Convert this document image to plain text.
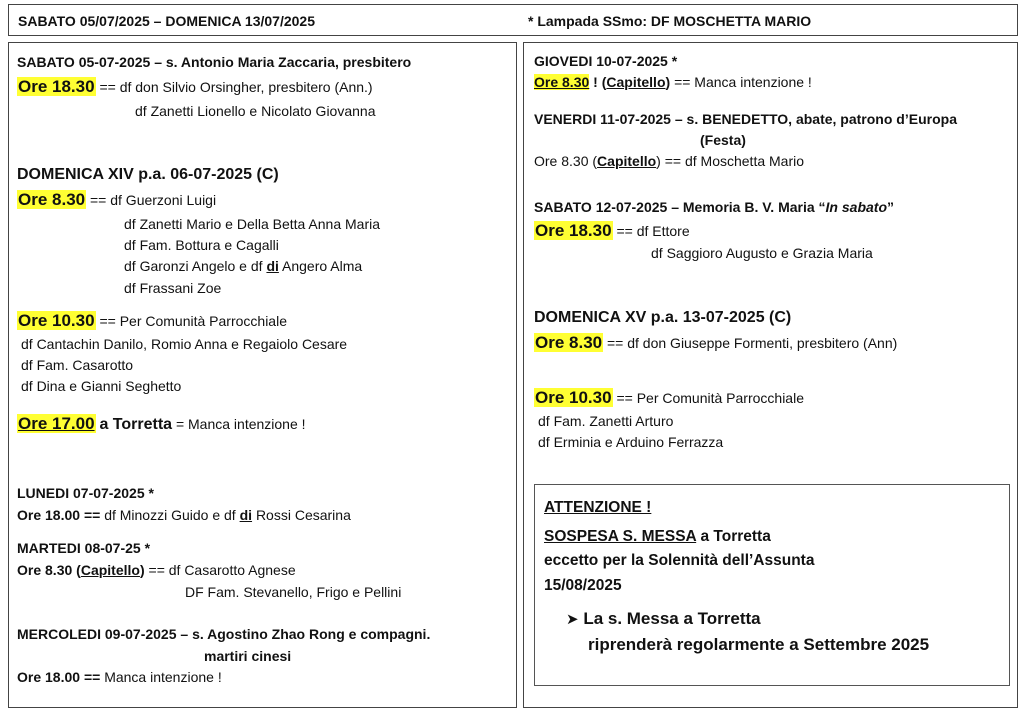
SABATO 05/07/2025 – DOMENICA 13/07/2025	* Lampada SSmo: DF MOSCHETTA MARIO
SABATO 05-07-2025 – s. Antonio Maria Zaccaria, presbitero
Ore 18.30 == df don Silvio Orsingher, presbitero (Ann.)
df Zanetti Lionello e Nicolato Giovanna
DOMENICA XIV p.a. 06-07-2025 (C)
Ore 8.30 == df Guerzoni Luigi
df Zanetti Mario e Della Betta Anna Maria
df Fam. Bottura e Cagalli
df Garonzi Angelo e df di Angero Alma
df Frassani Zoe
Ore 10.30 == Per Comunità Parrocchiale
df Cantachin Danilo, Romio Anna e Regaiolo Cesare
df Fam. Casarotto
df Dina e Gianni Seghetto
Ore 17.00 a Torretta = Manca intenzione !
LUNEDI 07-07-2025 *
Ore 18.00 == df Minozzi Guido e df di Rossi Cesarina
MARTEDI 08-07-25 *
Ore 8.30 (Capitello) == df Casarotto Agnese
DF Fam. Stevanello, Frigo e Pellini
MERCOLEDI 09-07-2025 – s. Agostino Zhao Rong e compagni.
martiri cinesi
Ore 18.00 == Manca intenzione !
GIOVEDI 10-07-2025 *
Ore 8.30 ! (Capitello) == Manca intenzione !
VENERDI 11-07-2025 – s. BENEDETTO, abate, patrono d’Europa
(Festa)
Ore 8.30 (Capitello) == df Moschetta Mario
SABATO 12-07-2025 – Memoria B. V. Maria “In sabato”
Ore 18.30 == df Ettore
df Saggioro Augusto e Grazia Maria
DOMENICA XV p.a. 13-07-2025 (C)
Ore 8.30 == df don Giuseppe Formenti, presbitero (Ann)
Ore 10.30 == Per Comunità Parrocchiale
df Fam. Zanetti Arturo
df Erminia e Arduino Ferrazza
ATTENZIONE !
SOSPESA S. MESSA a Torretta
eccetto per la Solennità dell’Assunta
15/08/2025
➤ La s. Messa a Torretta
riprenderà regolarmente a Settembre 2025
